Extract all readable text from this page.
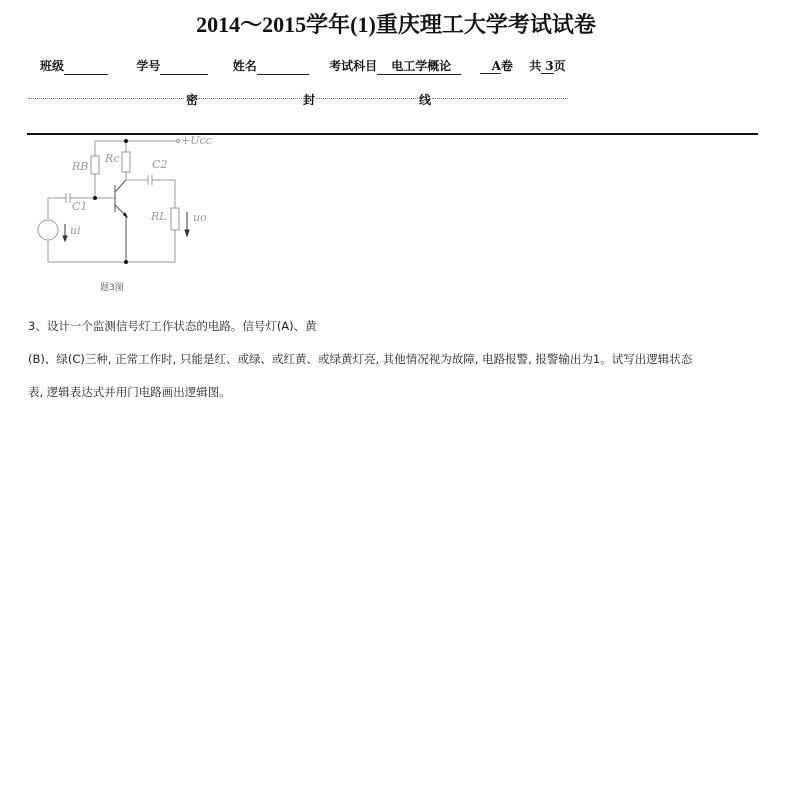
2014～2015学年(1)重庆理工大学考试试卷
班级	学号	姓名	考试科目 电工学概论	A卷 共 3页
密	封	线
+Ucc
RB
Rc	C2
C1
RL uo
ui
题3图
3、设计一个监测信号灯工作状态的电路。信号灯(A)、黄
(B)、绿(C)三种, 正常工作时, 只能是红、或绿、或红黄、或绿黄灯亮, 其他情况视为故障, 电路报警, 报警输出为1。试写出逻辑状态
表, 逻辑表达式并用门电路画出逻辑图。
